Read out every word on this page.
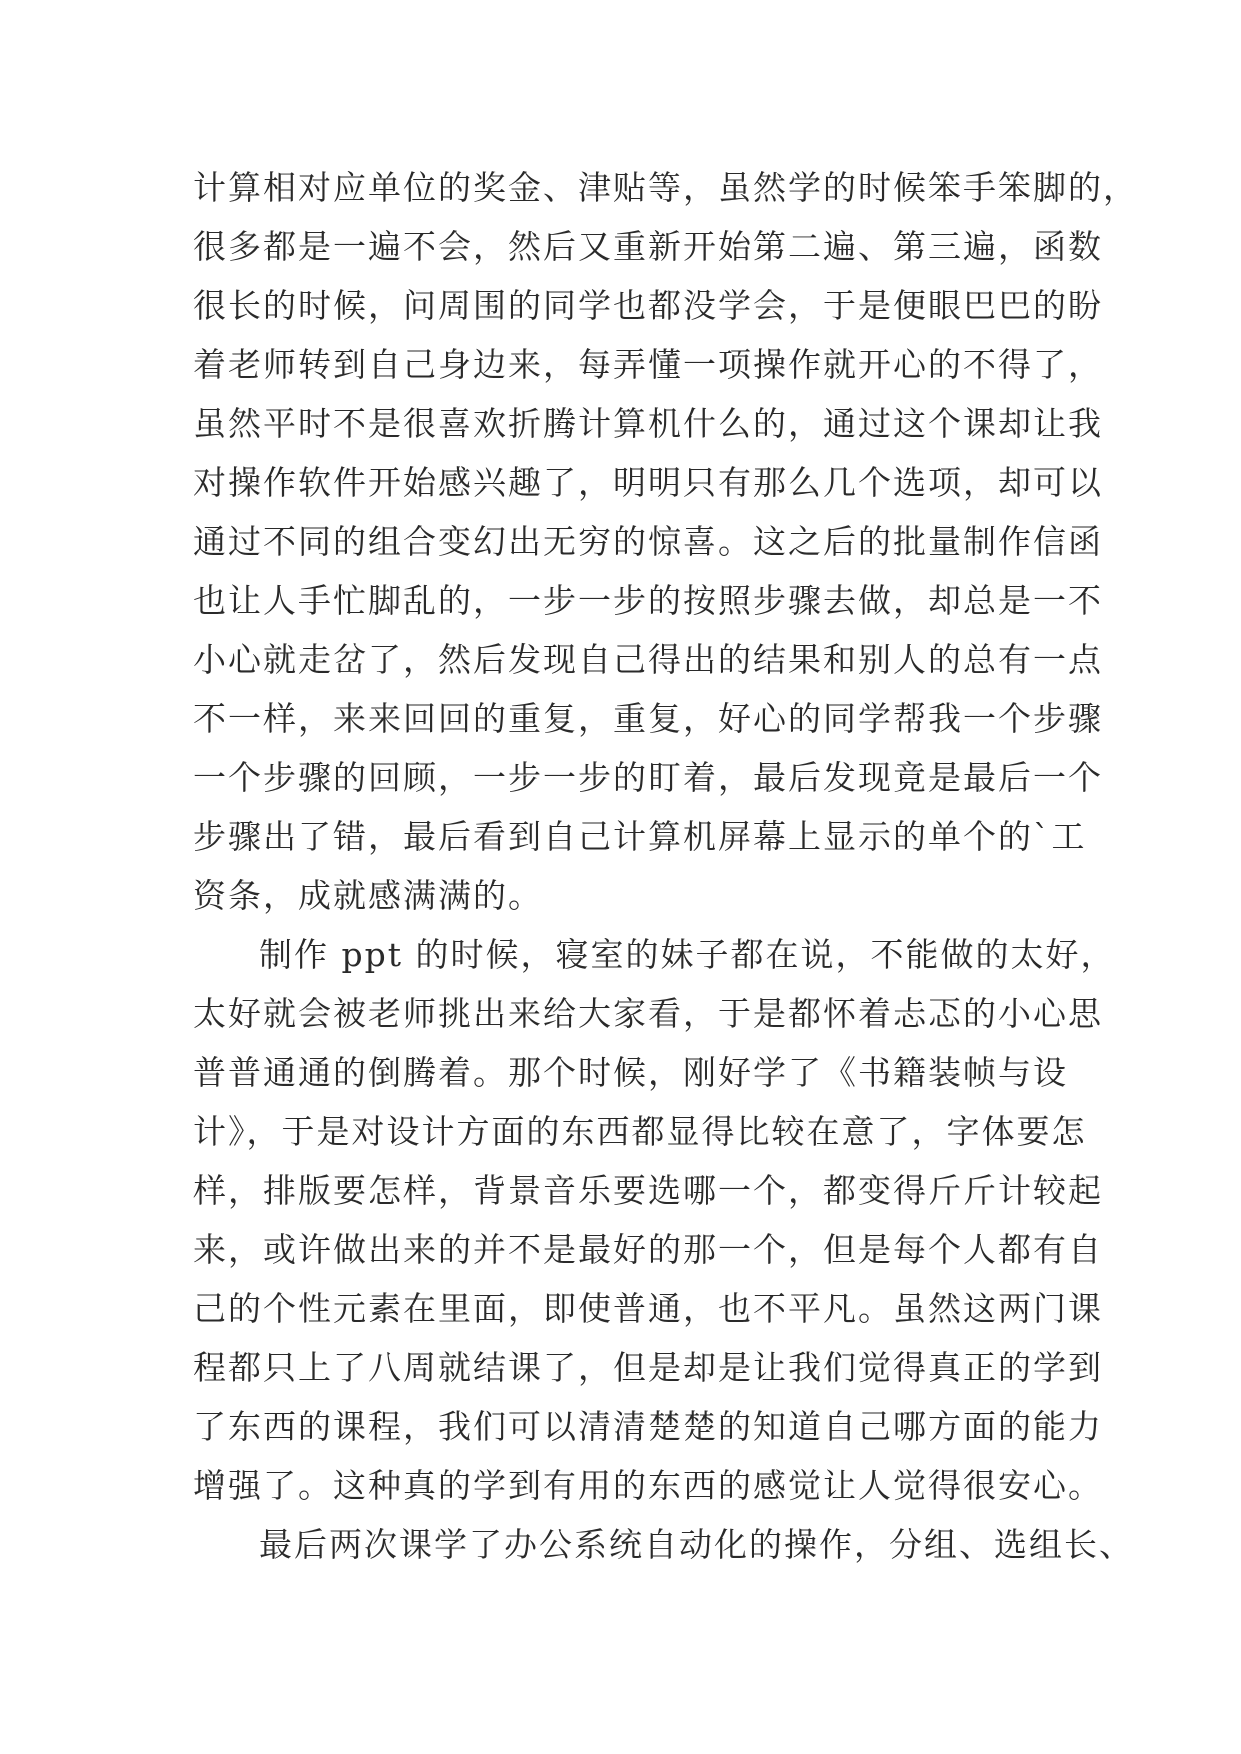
计算相对应单位的奖金、津贴等，虽然学的时候笨手笨脚的，
很多都是一遍不会，然后又重新开始第二遍、第三遍，函数
很长的时候，问周围的同学也都没学会，于是便眼巴巴的盼
着老师转到自己身边来，每弄懂一项操作就开心的不得了，
虽然平时不是很喜欢折腾计算机什么的，通过这个课却让我
对操作软件开始感兴趣了，明明只有那么几个选项，却可以
通过不同的组合变幻出无穷的惊喜。这之后的批量制作信函
也让人手忙脚乱的，一步一步的按照步骤去做，却总是一不
小心就走岔了，然后发现自己得出的结果和别人的总有一点
不一样，来来回回的重复，重复，好心的同学帮我一个步骤
一个步骤的回顾，一步一步的盯着，最后发现竟是最后一个
步骤出了错，最后看到自己计算机屏幕上显示的单个的`工
资条，成就感满满的。
制作 ppt 的时候，寝室的妹子都在说，不能做的太好，
太好就会被老师挑出来给大家看，于是都怀着忐忑的小心思
普普通通的倒腾着。那个时候，刚好学了《书籍装帧与设
计》，于是对设计方面的东西都显得比较在意了，字体要怎
样，排版要怎样，背景音乐要选哪一个，都变得斤斤计较起
来，或许做出来的并不是最好的那一个，但是每个人都有自
己的个性元素在里面，即使普通，也不平凡。虽然这两门课
程都只上了八周就结课了，但是却是让我们觉得真正的学到
了东西的课程，我们可以清清楚楚的知道自己哪方面的能力
增强了。这种真的学到有用的东西的感觉让人觉得很安心。
最后两次课学了办公系统自动化的操作，分组、选组长、
